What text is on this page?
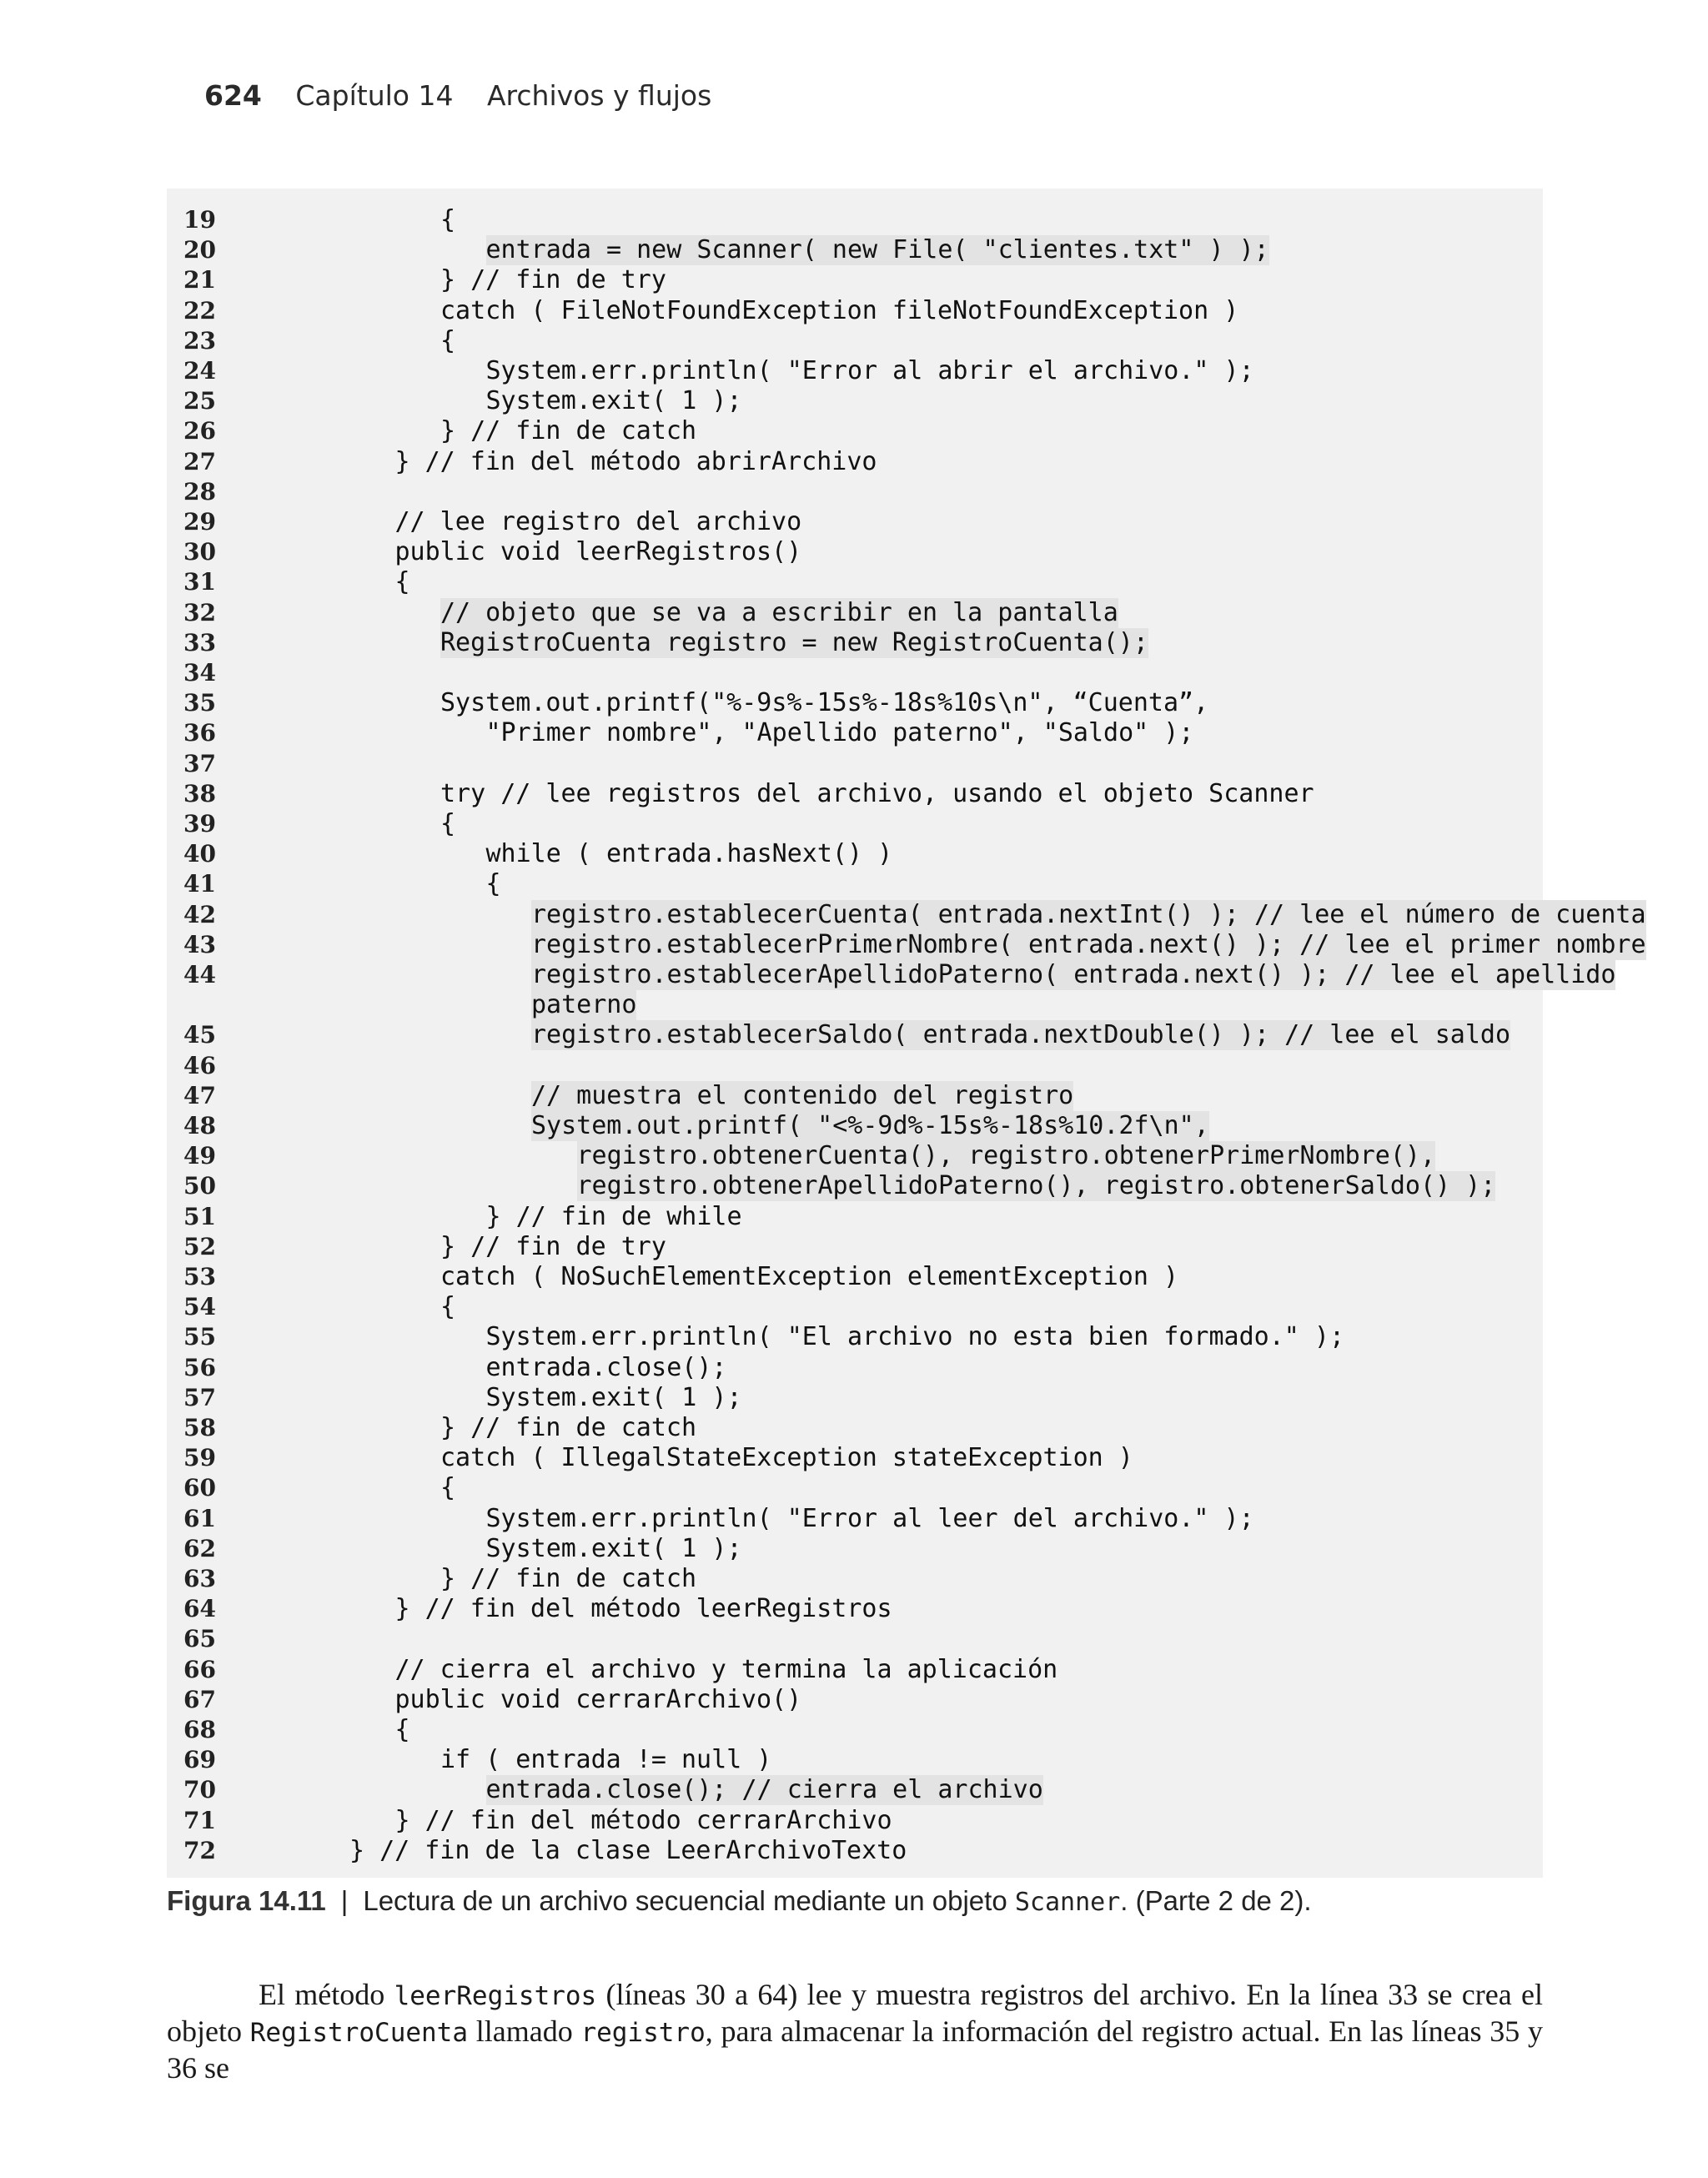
624 Capítulo 14 Archivos y flujos
19	{
20	entrada = new Scanner( new File( "clientes.txt" ) );
21	} // fin de try
22	catch ( FileNotFoundException fileNotFoundException )
23	{
24	System.err.println( "Error al abrir el archivo." );
25	System.exit( 1 );
26	} // fin de catch
27	} // fin del método abrirArchivo
28
29	// lee registro del archivo
30	public void leerRegistros()
31	{
32	// objeto que se va a escribir en la pantalla
33	RegistroCuenta registro = new RegistroCuenta();
34
35	System.out.printf("%-9s%-15s%-18s%10s\n", “Cuenta”,
36	"Primer nombre", "Apellido paterno", "Saldo" );
37
38	try // lee registros del archivo, usando el objeto Scanner
39	{
40	while ( entrada.hasNext() )
41	{
42	registro.establecerCuenta( entrada.nextInt() ); // lee el número de cuenta
43	registro.establecerPrimerNombre( entrada.next() ); // lee el primer nombre
44	registro.establecerApellidoPaterno( entrada.next() ); // lee el apellido
paterno
45	registro.establecerSaldo( entrada.nextDouble() ); // lee el saldo
46
47	// muestra el contenido del registro
48	System.out.printf( "<%-9d%-15s%-18s%10.2f\n",
49	registro.obtenerCuenta(), registro.obtenerPrimerNombre(),
50	registro.obtenerApellidoPaterno(), registro.obtenerSaldo() );
51	} // fin de while
52	} // fin de try
53	catch ( NoSuchElementException elementException )
54	{
55	System.err.println( "El archivo no esta bien formado." );
56	entrada.close();
57	System.exit( 1 );
58	} // fin de catch
59	catch ( IllegalStateException stateException )
60	{
61	System.err.println( "Error al leer del archivo." );
62	System.exit( 1 );
63	} // fin de catch
64	} // fin del método leerRegistros
65
66	// cierra el archivo y termina la aplicación
67	public void cerrarArchivo()
68	{
69	if ( entrada != null )
70	entrada.close(); // cierra el archivo
71	} // fin del método cerrarArchivo
72	} // fin de la clase LeerArchivoTexto
Figura 14.11 | Lectura de un archivo secuencial mediante un objeto Scanner. (Parte 2 de 2).

El método leerRegistros (líneas 30 a 64) lee y muestra registros del archivo. En la línea 33 se crea el objeto RegistroCuenta llamado registro, para almacenar la información del registro actual. En las líneas 35 y 36 se
